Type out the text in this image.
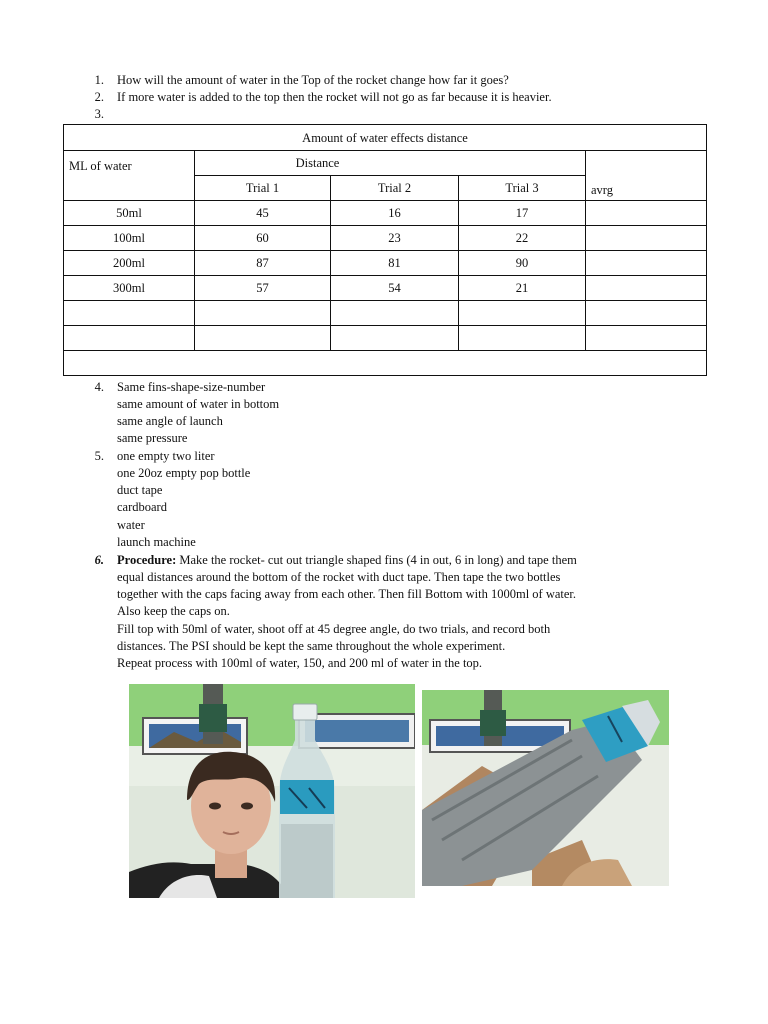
1. How will the amount of water in the Top of the rocket change how far it goes?
2. If more water is added to the top then the rocket will not go as far because it is heavier.
3.
Amount of water effects distance				
ML of water	Distance			avrg
	Trial 1	Trial 2	Trial 3	
50ml	45	16	17	
100ml	60	23	22	
200ml	87	81	90	
300ml	57	54	21	

4. Same fins-shape-size-number
same amount of water in bottom
same angle of launch
same pressure
5. one empty two liter
one 20oz empty pop bottle
duct tape
cardboard
water
launch machine
6. Procedure: Make the rocket- cut out triangle shaped fins (4 in out, 6 in long) and tape them
equal distances around the bottom of the rocket with duct tape. Then tape the two bottles
together with the caps facing away from each other. Then fill Bottom with 1000ml of water.
Also keep the caps on.
Fill top with 50ml of water, shoot off at 45 degree angle, do two trials, and record both
distances. The PSI should be kept the same throughout the whole experiment.
Repeat process with 100ml of water, 150, and 200 ml of water in the top.
